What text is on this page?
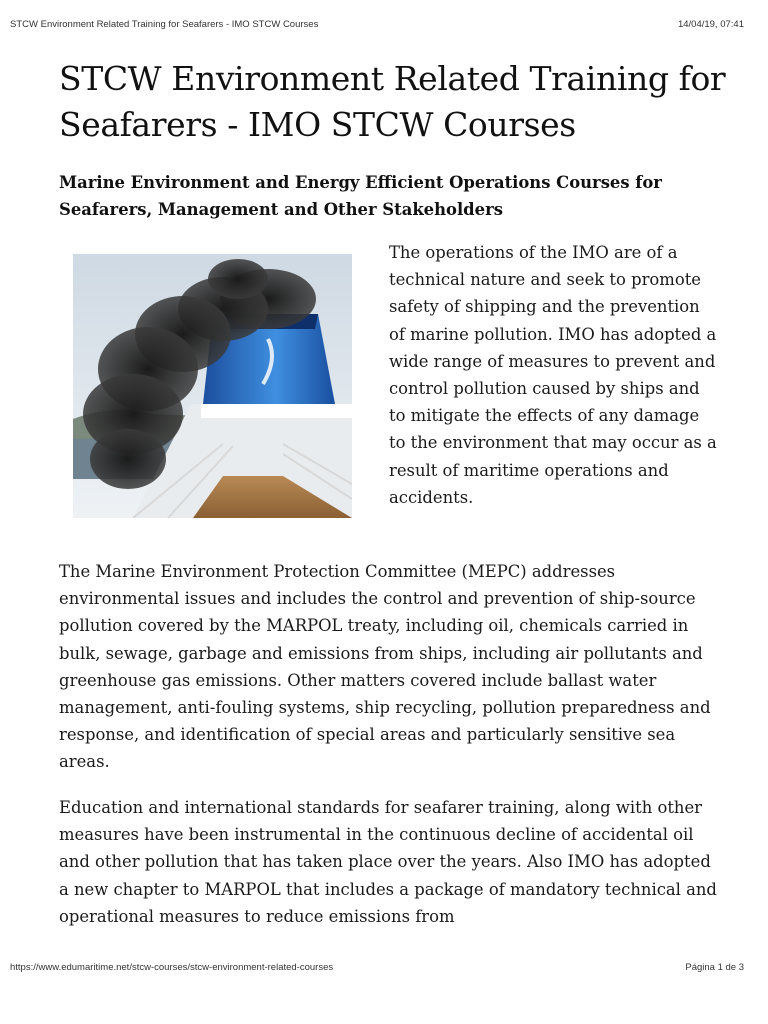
STCW Environment Related Training for Seafarers - IMO STCW Courses	14/04/19, 07:41
STCW Environment Related Training for Seafarers - IMO STCW Courses
Marine Environment and Energy Efficient Operations Courses for Seafarers, Management and Other Stakeholders

The operations of the IMO are of a technical nature and seek to promote safety of shipping and the prevention of marine pollution. IMO has adopted a wide range of measures to prevent and control pollution caused by ships and to mitigate the effects of any damage to the environment that may occur as a result of maritime operations and accidents.

The Marine Environment Protection Committee (MEPC) addresses environmental issues and includes the control and prevention of ship-source pollution covered by the MARPOL treaty, including oil, chemicals carried in bulk, sewage, garbage and emissions from ships, including air pollutants and greenhouse gas emissions. Other matters covered include ballast water management, anti-fouling systems, ship recycling, pollution preparedness and response, and identification of special areas and particularly sensitive sea areas.

Education and international standards for seafarer training, along with other measures have been instrumental in the continuous decline of accidental oil and other pollution that has taken place over the years. Also IMO has adopted a new chapter to MARPOL that includes a package of mandatory technical and operational measures to reduce emissions from

https://www.edumaritime.net/stcw-courses/stcw-environment-related-courses	Página 1 de 3
